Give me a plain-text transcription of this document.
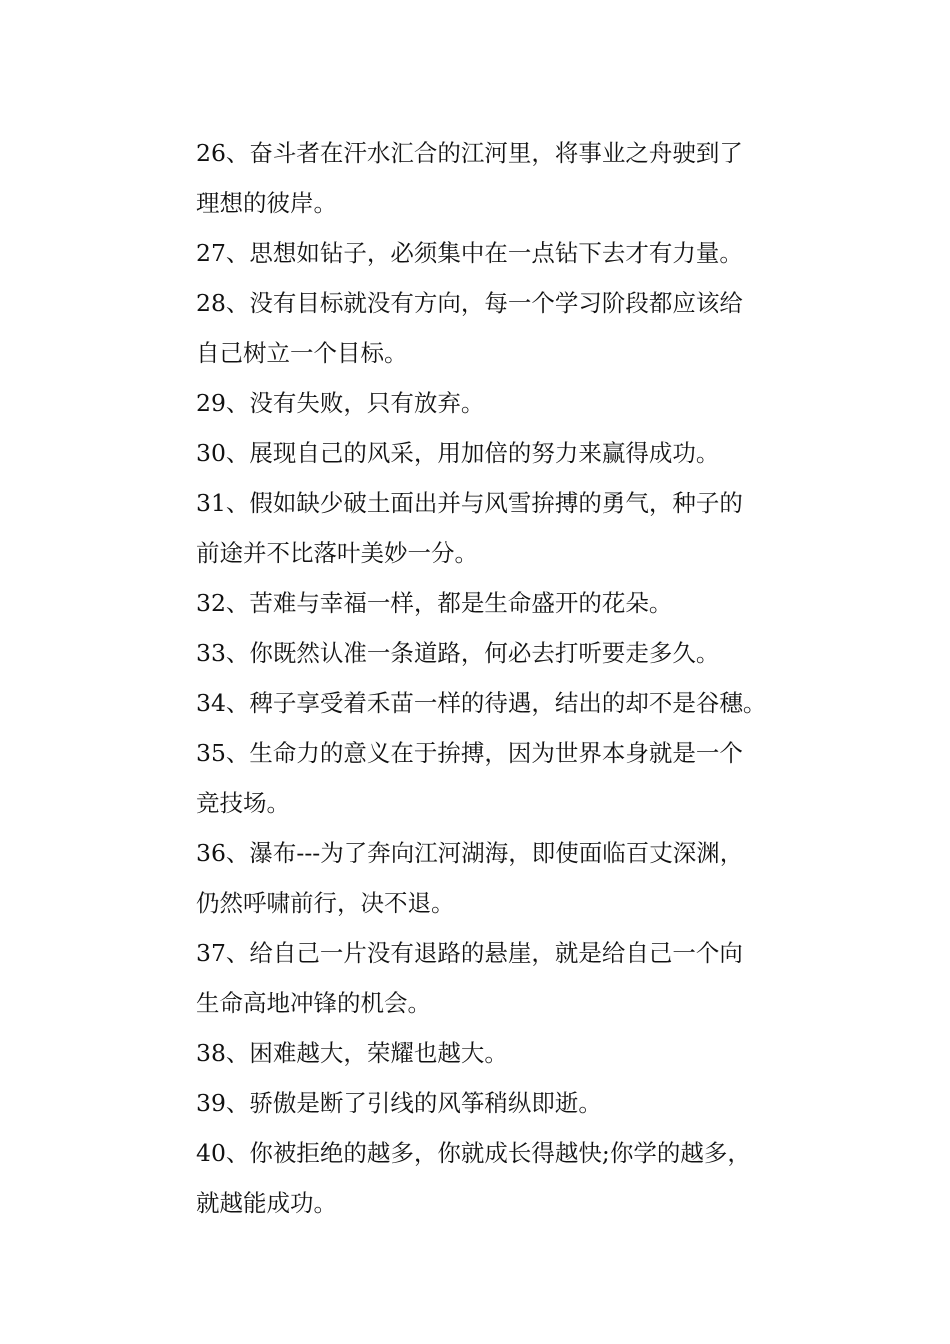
26、奋斗者在汗水汇合的江河里，将事业之舟驶到了
理想的彼岸。

27、思想如钻子，必须集中在一点钻下去才有力量。

28、没有目标就没有方向，每一个学习阶段都应该给
自己树立一个目标。

29、没有失败，只有放弃。

30、展现自己的风采，用加倍的努力来赢得成功。

31、假如缺少破土面出并与风雪拚搏的勇气，种子的
前途并不比落叶美妙一分。

32、苦难与幸福一样，都是生命盛开的花朵。

33、你既然认准一条道路，何必去打听要走多久。

34、稗子享受着禾苗一样的待遇，结出的却不是谷穗。

35、生命力的意义在于拚搏，因为世界本身就是一个
竞技场。

36、瀑布---为了奔向江河湖海，即使面临百丈深渊，
仍然呼啸前行，决不退。

37、给自己一片没有退路的悬崖，就是给自己一个向
生命高地冲锋的机会。

38、困难越大，荣耀也越大。

39、骄傲是断了引线的风筝稍纵即逝。

40、你被拒绝的越多，你就成长得越快;你学的越多，
就越能成功。
